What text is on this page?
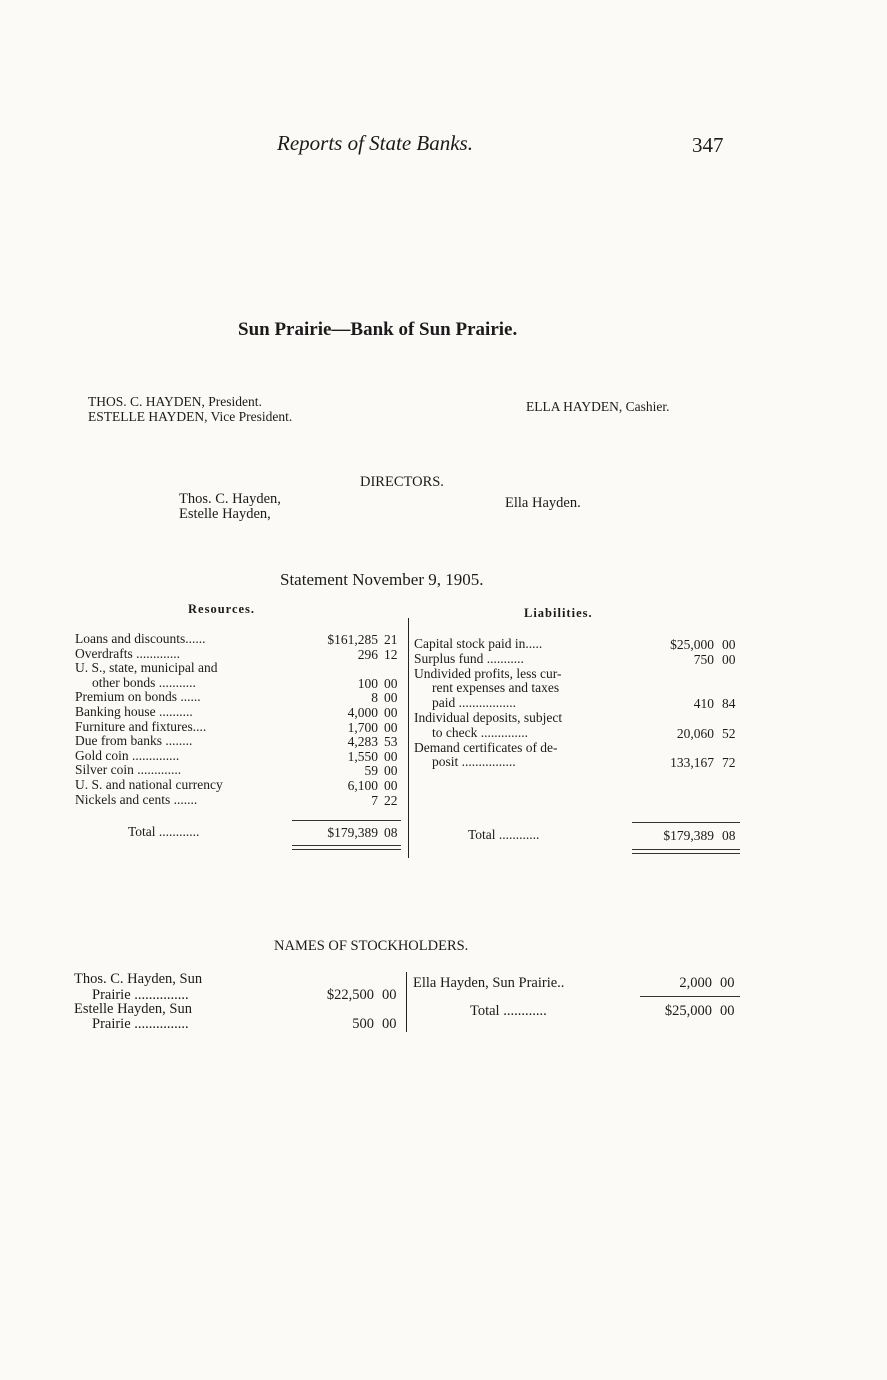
Reports of State Banks.	347
Sun Prairie—Bank of Sun Prairie.
THOS. C. HAYDEN, President.
ESTELLE HAYDEN, Vice President.
ELLA HAYDEN, Cashier.
DIRECTORS.
Thos. C. Hayden,
Estelle Hayden,
Ella Hayden.
Statement November 9, 1905.
Resources.	Liabilities.
Loans and discounts......	$161,285 21
Overdrafts .............	296 12
U. S., state, municipal and
other bonds ...........	100 00
Premium on bonds ......	8 00
Banking house ..........	4,000 00
Furniture and fixtures....	1,700 00
Due from banks ........	4,283 53
Gold coin ..............	1,550 00
Silver coin .............	59 00
U. S. and national currency	6,100 00
Nickels and cents .......	7 22
Capital stock paid in.....	$25,000 00
Surplus fund ...........	750 00
Undivided profits, less cur-
rent expenses and taxes
paid .................	410 84
Individual deposits, subject
to check ..............	20,060 52
Demand certificates of de-
posit ................	133,167 72
Total ............	$179,389 08	Total ............	$179,389 08
NAMES OF STOCKHOLDERS.
Thos. C. Hayden, Sun
Prairie ...............	$22,500 00
Estelle Hayden, Sun
Prairie ...............	500 00
Ella Hayden, Sun Prairie..	2,000 00
Total ............	$25,000 00
